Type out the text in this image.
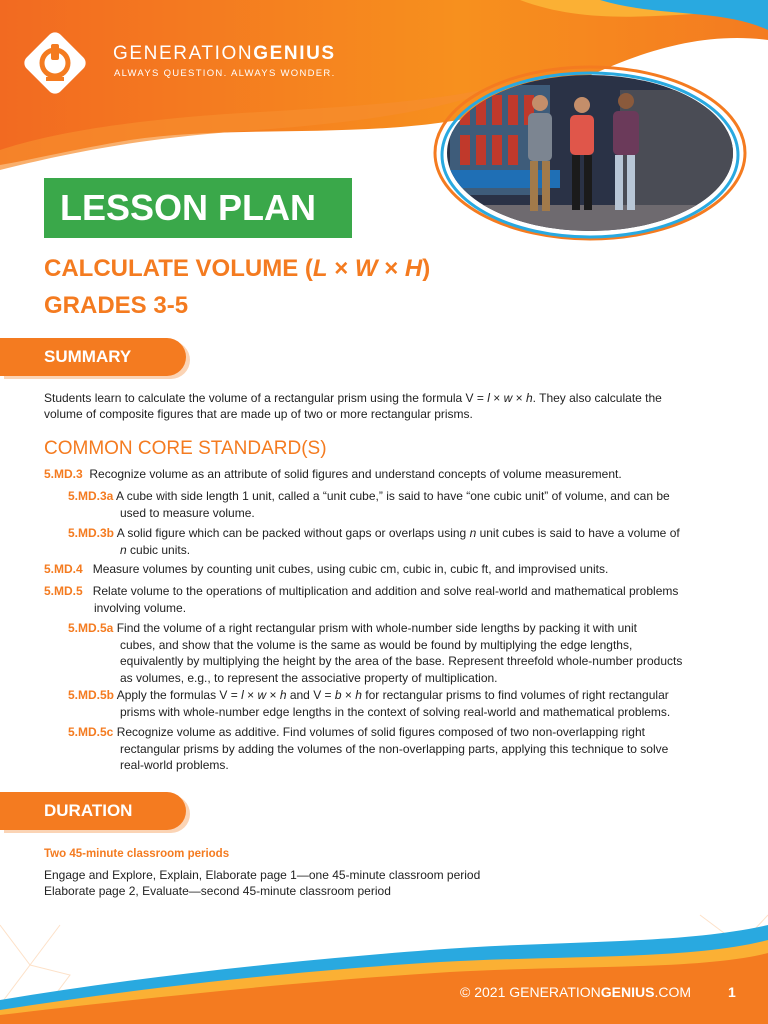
GENERATIONGENIUS
ALWAYS QUESTION. ALWAYS WONDER.
LESSON PLAN
CALCULATE VOLUME (L × W × H)
GRADES 3-5
SUMMARY
Students learn to calculate the volume of a rectangular prism using the formula V = l × w × h. They also calculate the
volume of composite figures that are made up of two or more rectangular prisms.
COMMON CORE STANDARD(S)
5.MD.3 Recognize volume as an attribute of solid figures and understand concepts of volume measurement.
5.MD.3a A cube with side length 1 unit, called a “unit cube,” is said to have “one cubic unit” of volume, and can be
used to measure volume.
5.MD.3b A solid figure which can be packed without gaps or overlaps using n unit cubes is said to have a volume of
n cubic units.
5.MD.4 Measure volumes by counting unit cubes, using cubic cm, cubic in, cubic ft, and improvised units.
5.MD.5 Relate volume to the operations of multiplication and addition and solve real-world and mathematical problems
involving volume.
5.MD.5a Find the volume of a right rectangular prism with whole-number side lengths by packing it with unit
cubes, and show that the volume is the same as would be found by multiplying the edge lengths,
equivalently by multiplying the height by the area of the base. Represent threefold whole-number products
as volumes, e.g., to represent the associative property of multiplication.
5.MD.5b Apply the formulas V = l × w × h and V = b × h for rectangular prisms to find volumes of right rectangular
prisms with whole-number edge lengths in the context of solving real-world and mathematical problems.
5.MD.5c Recognize volume as additive. Find volumes of solid figures composed of two non-overlapping right
rectangular prisms by adding the volumes of the non-overlapping parts, applying this technique to solve
real-world problems.
DURATION
Two 45-minute classroom periods
Engage and Explore, Explain, Elaborate page 1—one 45-minute classroom period
Elaborate page 2, Evaluate—second 45-minute classroom period
© 2021 GENERATIONGENIUS.COM	1
